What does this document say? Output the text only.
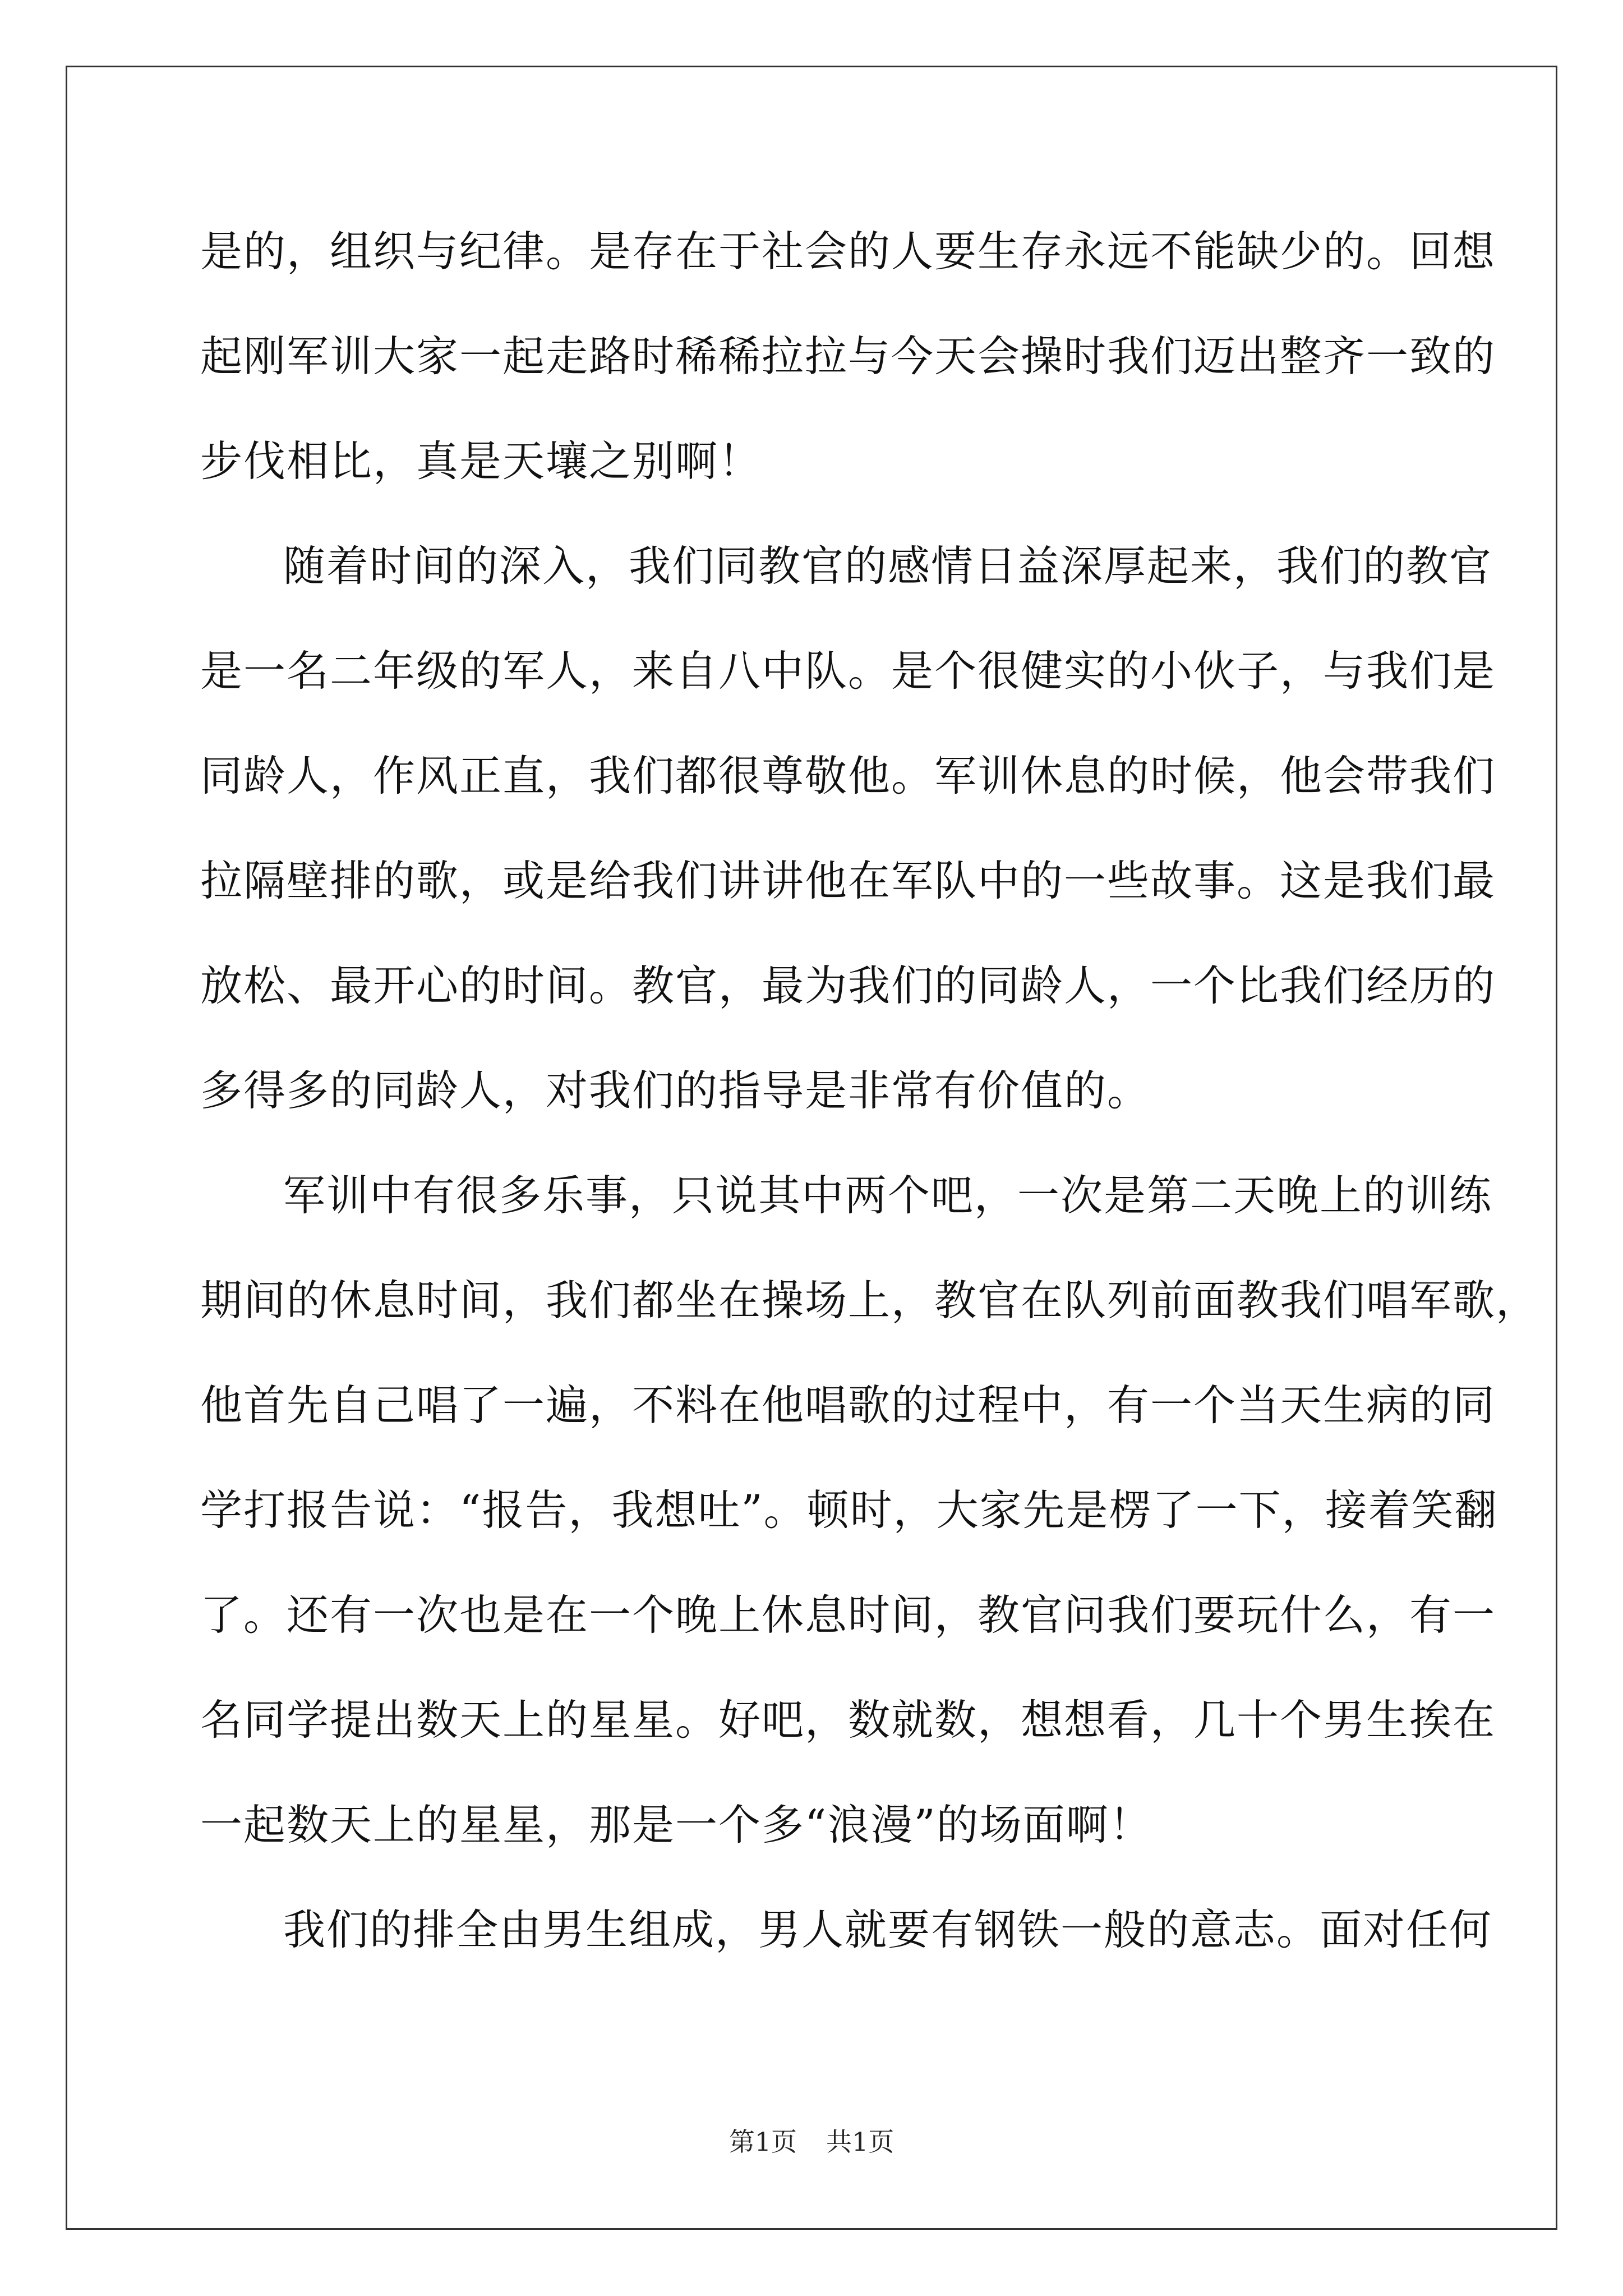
是的，组织与纪律。是存在于社会的人要生存永远不能缺少的。回想
起刚军训大家一起走路时稀稀拉拉与今天会操时我们迈出整齐一致的
步伐相比，真是天壤之别啊！
随着时间的深入，我们同教官的感情日益深厚起来，我们的教官
是一名二年级的军人，来自八中队。是个很健实的小伙子，与我们是
同龄人，作风正直，我们都很尊敬他。军训休息的时候，他会带我们
拉隔壁排的歌，或是给我们讲讲他在军队中的一些故事。这是我们最
放松、最开心的时间。教官，最为我们的同龄人，一个比我们经历的
多得多的同龄人，对我们的指导是非常有价值的。
军训中有很多乐事，只说其中两个吧，一次是第二天晚上的训练
期间的休息时间，我们都坐在操场上，教官在队列前面教我们唱军歌，
他首先自己唱了一遍，不料在他唱歌的过程中，有一个当天生病的同
学打报告说：“报告，我想吐”。顿时，大家先是楞了一下，接着笑翻
了。还有一次也是在一个晚上休息时间，教官问我们要玩什么，有一
名同学提出数天上的星星。好吧，数就数，想想看，几十个男生挨在
一起数天上的星星，那是一个多“浪漫”的场面啊！
我们的排全由男生组成，男人就要有钢铁一般的意志。面对任何
第1页 共1页
